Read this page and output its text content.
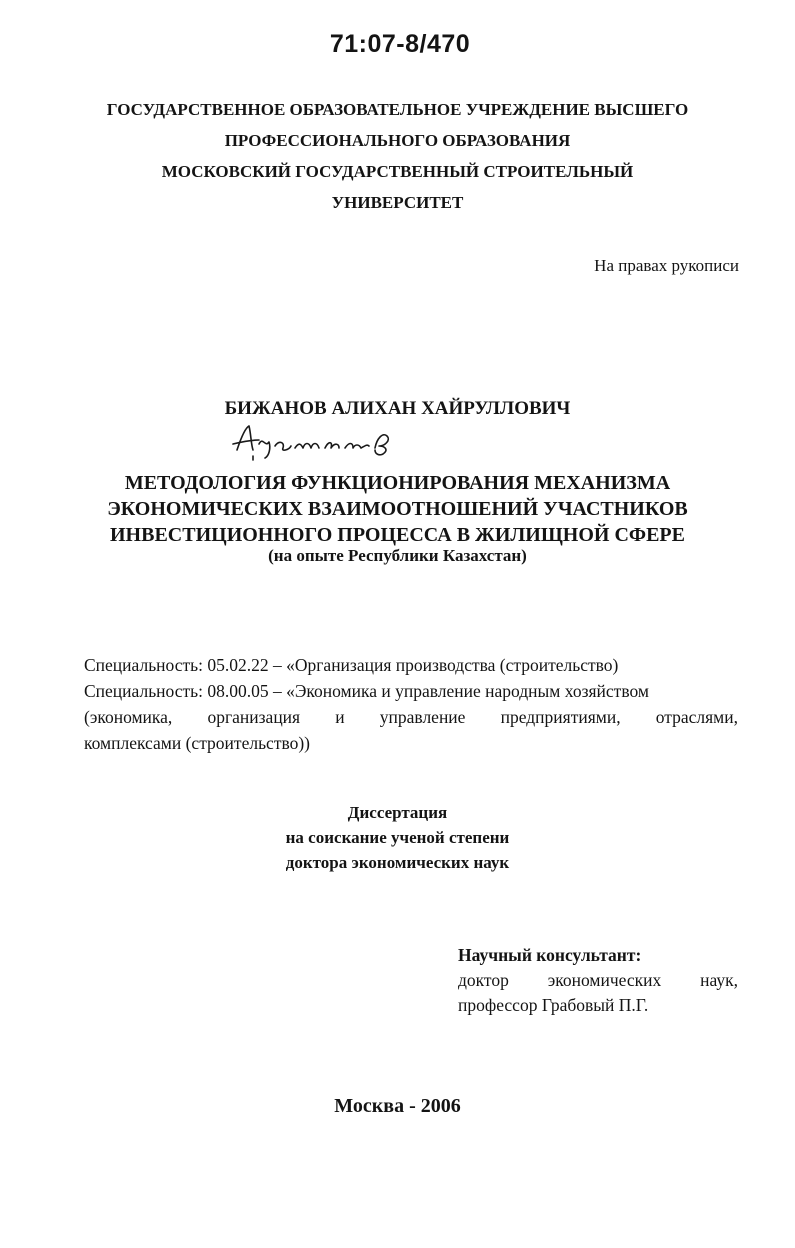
71:07-8/470
ГОСУДАРСТВЕННОЕ ОБРАЗОВАТЕЛЬНОЕ УЧРЕЖДЕНИЕ ВЫСШЕГО
ПРОФЕССИОНАЛЬНОГО ОБРАЗОВАНИЯ
МОСКОВСКИЙ ГОСУДАРСТВЕННЫЙ СТРОИТЕЛЬНЫЙ
УНИВЕРСИТЕТ
На правах рукописи
БИЖАНОВ АЛИХАН ХАЙРУЛЛОВИЧ
МЕТОДОЛОГИЯ ФУНКЦИОНИРОВАНИЯ МЕХАНИЗМА
ЭКОНОМИЧЕСКИХ ВЗАИМООТНОШЕНИЙ УЧАСТНИКОВ
ИНВЕСТИЦИОННОГО ПРОЦЕССА В ЖИЛИЩНОЙ СФЕРЕ
(на опыте Республики Казахстан)
Специальность: 05.02.22 – «Организация производства (строительство)
Специальность: 08.00.05 – «Экономика и управление народным хозяйством
(экономика, организация и управление предприятиями, отраслями,
комплексами (строительство))
Диссертация
на соискание ученой степени
доктора экономических наук
Научный консультант:
доктор экономических наук,
профессор Грабовый П.Г.
Москва - 2006
